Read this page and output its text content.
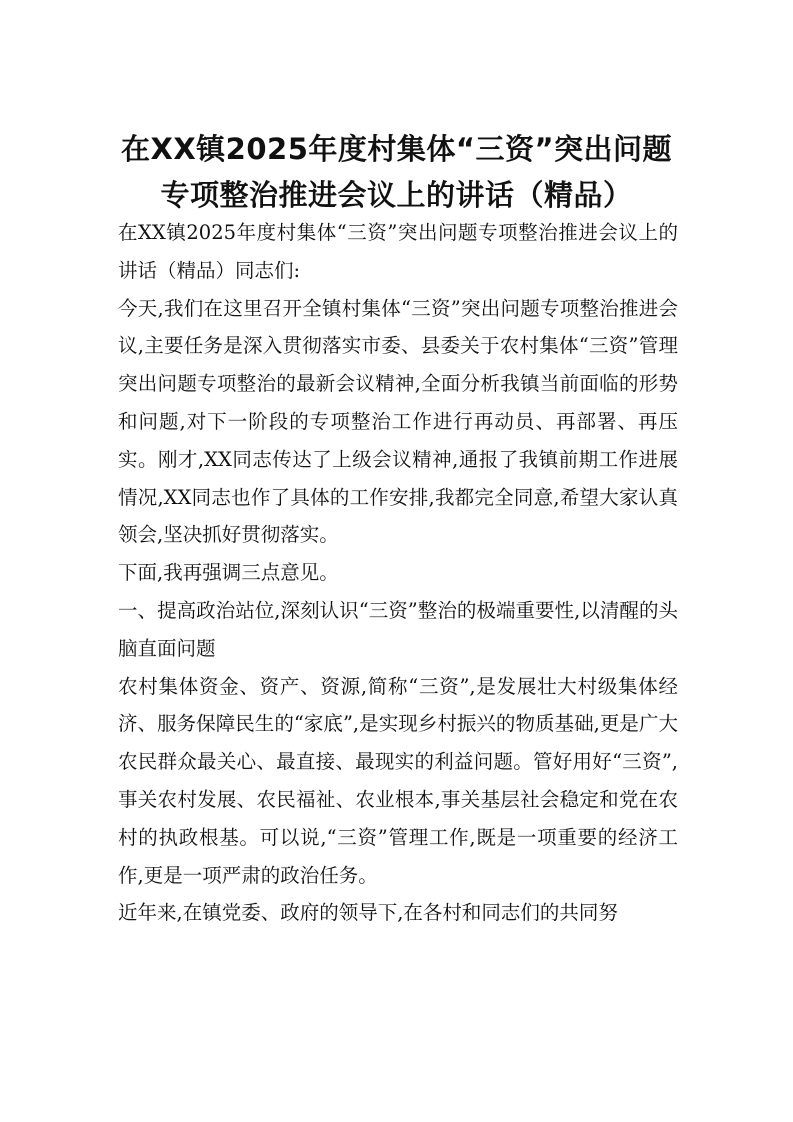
在XX镇2025年度村集体“三资”突出问题
专项整治推进会议上的讲话（精品）

在XX镇2025年度村集体“三资”突出问题专项整治推进会议上的讲话（精品）同志们:

今天,我们在这里召开全镇村集体“三资”突出问题专项整治推进会议,主要任务是深入贯彻落实市委、县委关于农村集体“三资”管理突出问题专项整治的最新会议精神,全面分析我镇当前面临的形势和问题,对下一阶段的专项整治工作进行再动员、再部署、再压实。刚才,XX同志传达了上级会议精神,通报了我镇前期工作进展情况,XX同志也作了具体的工作安排,我都完全同意,希望大家认真领会,坚决抓好贯彻落实。

下面,我再强调三点意见。

一、提高政治站位,深刻认识“三资”整治的极端重要性,以清醒的头脑直面问题

农村集体资金、资产、资源,简称“三资”,是发展壮大村级集体经济、服务保障民生的“家底”,是实现乡村振兴的物质基础,更是广大农民群众最关心、最直接、最现实的利益问题。管好用好“三资”,事关农村发展、农民福祉、农业根本,事关基层社会稳定和党在农村的执政根基。可以说,“三资”管理工作,既是一项重要的经济工作,更是一项严肃的政治任务。

近年来,在镇党委、政府的领导下,在各村和同志们的共同努
